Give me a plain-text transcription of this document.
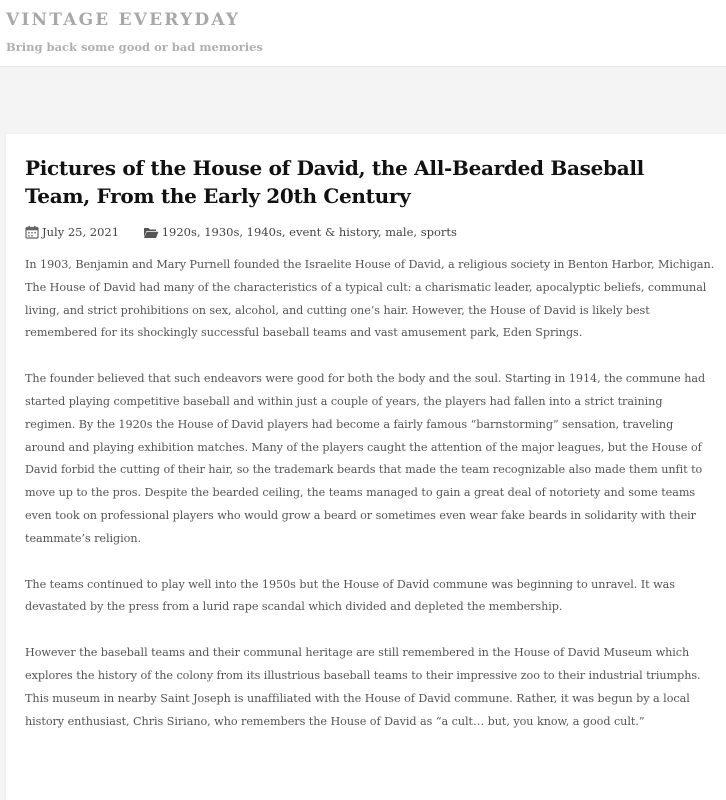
VINTAGE EVERYDAY

Bring back some good or bad memories

Pictures of the House of David, the All-Bearded Baseball Team, From the Early 20th Century
July 25, 2021	1920s, 1930s, 1940s, event & history, male, sports

In 1903, Benjamin and Mary Purnell founded the Israelite House of David, a religious society in Benton Harbor, Michigan. The House of David had many of the characteristics of a typical cult: a charismatic leader, apocalyptic beliefs, communal living, and strict prohibitions on sex, alcohol, and cutting one’s hair. However, the House of David is likely best remembered for its shockingly successful baseball teams and vast amusement park, Eden Springs.

The founder believed that such endeavors were good for both the body and the soul. Starting in 1914, the commune had started playing competitive baseball and within just a couple of years, the players had fallen into a strict training regimen. By the 1920s the House of David players had become a fairly famous “barnstorming” sensation, traveling around and playing exhibition matches. Many of the players caught the attention of the major leagues, but the House of David forbid the cutting of their hair, so the trademark beards that made the team recognizable also made them unfit to move up to the pros. Despite the bearded ceiling, the teams managed to gain a great deal of notoriety and some teams even took on professional players who would grow a beard or sometimes even wear fake beards in solidarity with their teammate’s religion.

The teams continued to play well into the 1950s but the House of David commune was beginning to unravel. It was devastated by the press from a lurid rape scandal which divided and depleted the membership.

However the baseball teams and their communal heritage are still remembered in the House of David Museum which explores the history of the colony from its illustrious baseball teams to their impressive zoo to their industrial triumphs. This museum in nearby Saint Joseph is unaffiliated with the House of David commune. Rather, it was begun by a local history enthusiast, Chris Siriano, who remembers the House of David as “a cult… but, you know, a good cult.”
